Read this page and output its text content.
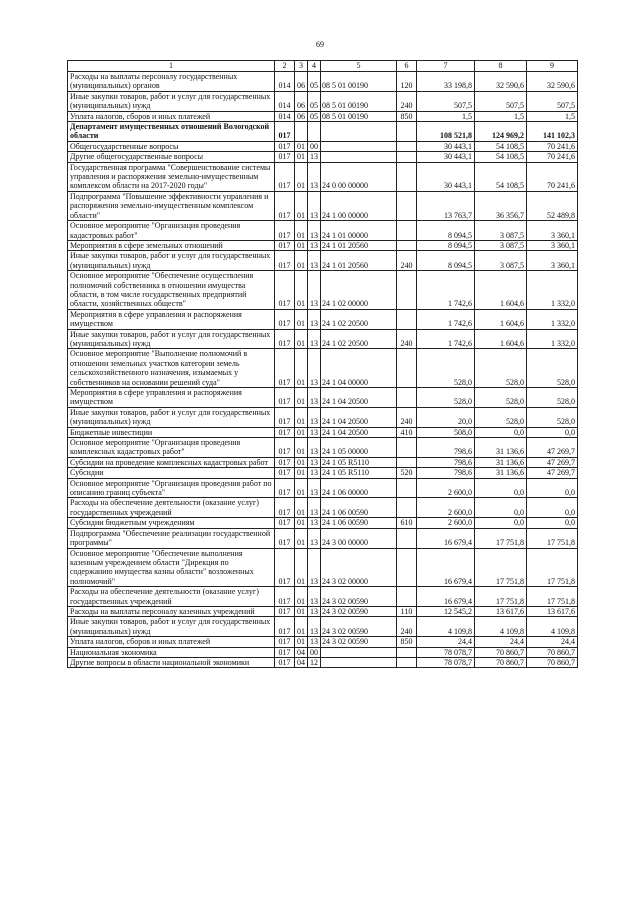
69
1	2	3	4	5	6	7	8	9
Расходы на выплаты персоналу государственных (муниципальных) органов	014	06	05	08 5 01 00190	120	33 198,8	32 590,6	32 590,6
Иные закупки товаров, работ и услуг для государственных (муниципальных) нужд	014	06	05	08 5 01 00190	240	507,5	507,5	507,5
Уплата налогов, сборов и иных платежей	014	06	05	08 5 01 00190	850	1,5	1,5	1,5
Департамент имущественных отношений Вологодской области	017					108 521,8	124 969,2	141 102,3
Общегосударственные вопросы	017	01	00			30 443,1	54 108,5	70 241,6
Другие общегосударственные вопросы	017	01	13			30 443,1	54 108,5	70 241,6
Государственная программа "Совершенствование системы управления и распоряжения земельно-имущественным комплексом области на 2017-2020 годы"	017	01	13	24 0 00 00000		30 443,1	54 108,5	70 241,6
Подпрограмма "Повышение эффективности управления и распоряжения земельно-имущественным комплексом области"	017	01	13	24 1 00 00000		13 763,7	36 356,7	52 489,8
Основное мероприятие "Организация проведения кадастровых работ"	017	01	13	24 1 01 00000		8 094,5	3 087,5	3 360,1
Мероприятия в сфере земельных отношений	017	01	13	24 1 01 20560		8 094,5	3 087,5	3 360,1
Иные закупки товаров, работ и услуг для государственных (муниципальных) нужд	017	01	13	24 1 01 20560	240	8 094,5	3 087,5	3 360,1
Основное мероприятие "Обеспечение осуществления полномочий собственника в отношении имущества области, в том числе государственных предприятий области, хозяйственных обществ"	017	01	13	24 1 02 00000		1 742,6	1 604,6	1 332,0
Мероприятия в сфере управления и распоряжения имуществом	017	01	13	24 1 02 20500		1 742,6	1 604,6	1 332,0
Иные закупки товаров, работ и услуг для государственных (муниципальных) нужд	017	01	13	24 1 02 20500	240	1 742,6	1 604,6	1 332,0
Основное мероприятие "Выполнение полномочий в отношении земельных участков категории земель сельскохозяйственного назначения, изымаемых у собственников на основании решений суда"	017	01	13	24 1 04 00000		528,0	528,0	528,0
Мероприятия в сфере управления и распоряжения имуществом	017	01	13	24 1 04 20500		528,0	528,0	528,0
Иные закупки товаров, работ и услуг для государственных (муниципальных) нужд	017	01	13	24 1 04 20500	240	20,0	528,0	528,0
Бюджетные инвестиции	017	01	13	24 1 04 20500	410	508,0	0,0	0,0
Основное мероприятие "Организация проведения комплексных кадастровых работ"	017	01	13	24 1 05 00000		798,6	31 136,6	47 269,7
Субсидии на проведение комплексных кадастровых работ	017	01	13	24 1 05 R5110		798,6	31 136,6	47 269,7
Субсидии	017	01	13	24 1 05 R5110	520	798,6	31 136,6	47 269,7
Основное мероприятие "Организация проведения работ по описанию границ субъекта"	017	01	13	24 1 06 00000		2 600,0	0,0	0,0
Расходы на обеспечение деятельности (оказание услуг) государственных учреждений	017	01	13	24 1 06 00590		2 600,0	0,0	0,0
Субсидии бюджетным учреждениям	017	01	13	24 1 06 00590	610	2 600,0	0,0	0,0
Подпрограмма "Обеспечение реализации государственной программы"	017	01	13	24 3 00 00000		16 679,4	17 751,8	17 751,8
Основное мероприятие "Обеспечение выполнения казенным учреждением области "Дирекция по содержанию имущества казны области" возложенных полномочий"	017	01	13	24 3 02 00000		16 679,4	17 751,8	17 751,8
Расходы на обеспечение деятельности (оказание услуг) государственных учреждений	017	01	13	24 3 02 00590		16 679,4	17 751,8	17 751,8
Расходы на выплаты персоналу казенных учреждений	017	01	13	24 3 02 00590	110	12 545,2	13 617,6	13 617,6
Иные закупки товаров, работ и услуг для государственных (муниципальных) нужд	017	01	13	24 3 02 00590	240	4 109,8	4 109,8	4 109,8
Уплата налогов, сборов и иных платежей	017	01	13	24 3 02 00590	850	24,4	24,4	24,4
Национальная экономика	017	04	00			78 078,7	70 860,7	70 860,7
Другие вопросы в области национальной экономики	017	04	12			78 078,7	70 860,7	70 860,7
